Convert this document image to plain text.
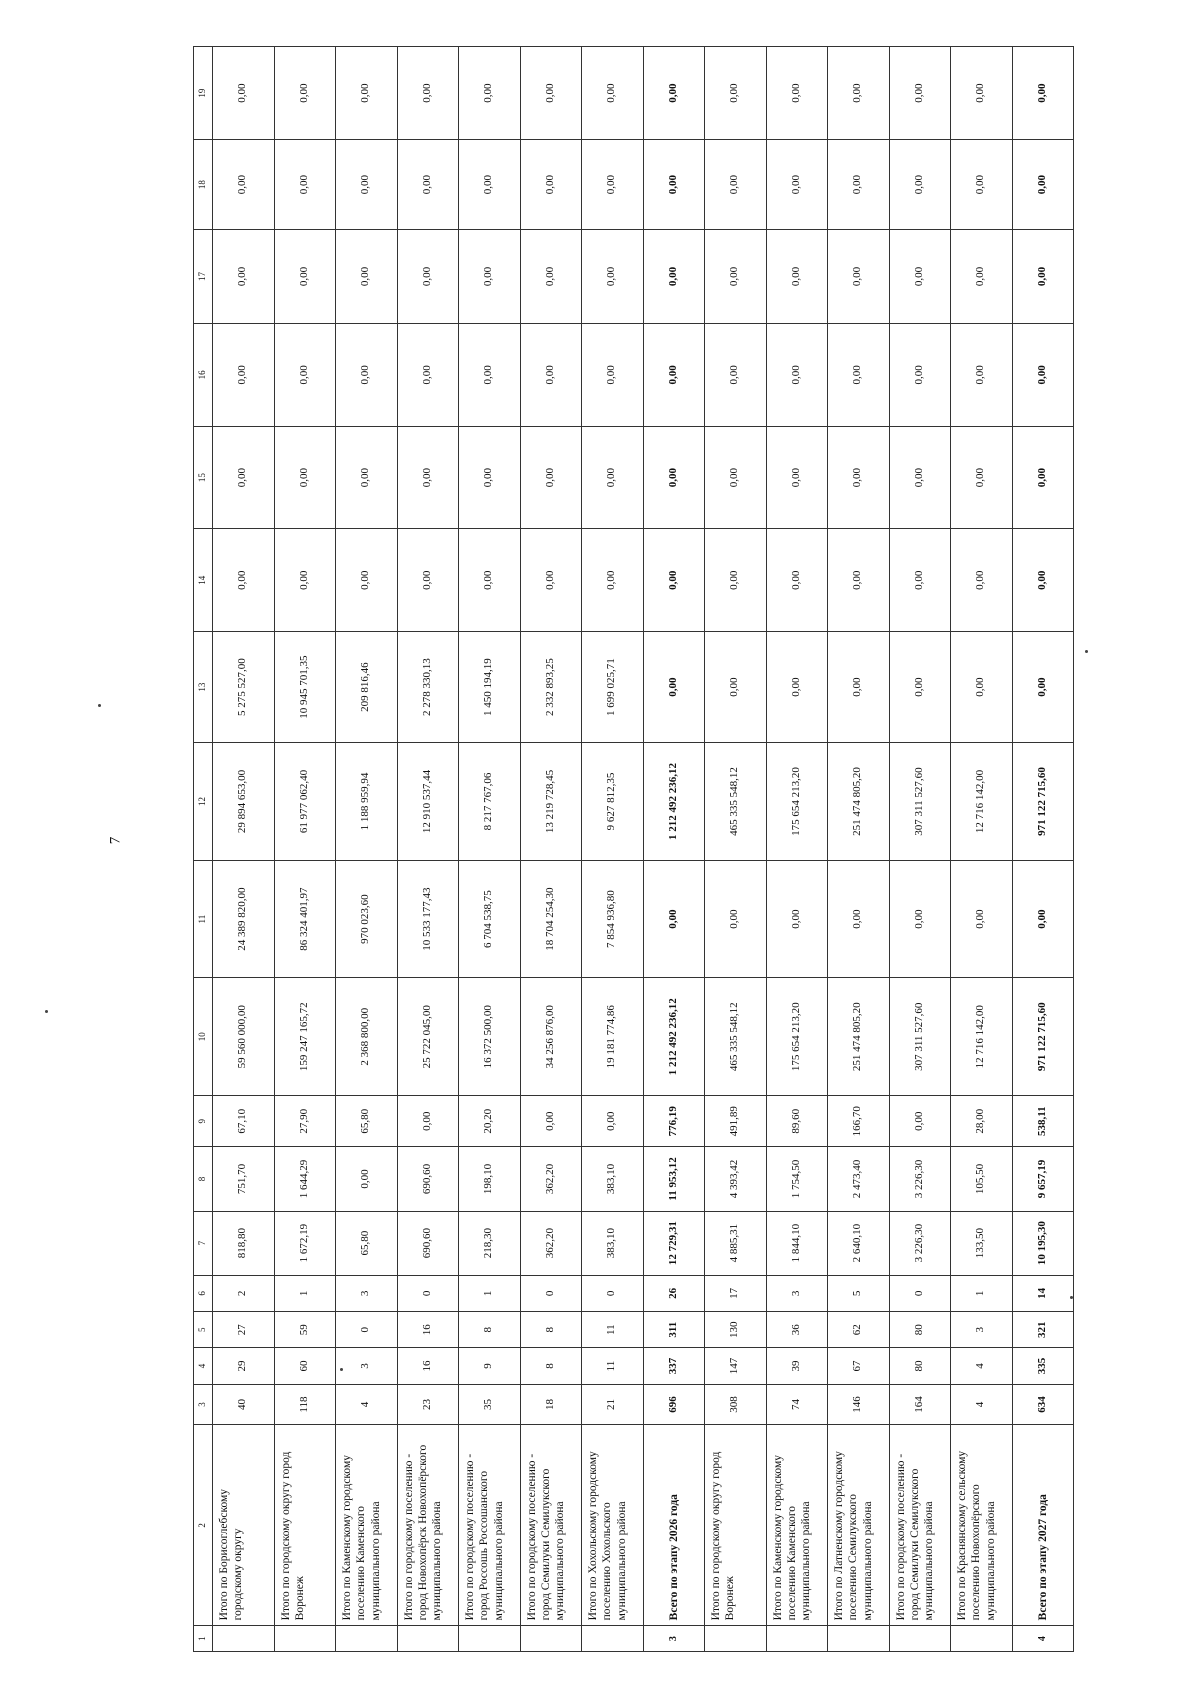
7
1	2	3	4	5	6	7	8	9	10	11	12	13	14	15	16	17	18	19
	Итого по Борисоглебскому городскому округу	40	29	27	2	818,80	751,70	67,10	59 560 000,00	24 389 820,00	29 894 653,00	5 275 527,00	0,00	0,00	0,00	0,00	0,00	0,00
	Итого по городскому округу город Воронеж	118	60	59	1	1 672,19	1 644,29	27,90	159 247 165,72	86 324 401,97	61 977 062,40	10 945 701,35	0,00	0,00	0,00	0,00	0,00	0,00
	Итого по Каменскому городскому поселению Каменского муниципального района	4	3	0	3	65,80	0,00	65,80	2 368 800,00	970 023,60	1 188 959,94	209 816,46	0,00	0,00	0,00	0,00	0,00	0,00
	Итого по городскому поселению - город Новохопёрск Новохопёрского муниципального района	23	16	16	0	690,60	690,60	0,00	25 722 045,00	10 533 177,43	12 910 537,44	2 278 330,13	0,00	0,00	0,00	0,00	0,00	0,00
	Итого по городскому поселению - город Россошь Россошанского муниципального района	35	9	8	1	218,30	198,10	20,20	16 372 500,00	6 704 538,75	8 217 767,06	1 450 194,19	0,00	0,00	0,00	0,00	0,00	0,00
	Итого по городскому поселению - город Семилуки Семилукского муниципального района	18	8	8	0	362,20	362,20	0,00	34 256 876,00	18 704 254,30	13 219 728,45	2 332 893,25	0,00	0,00	0,00	0,00	0,00	0,00
	Итого по Хохольскому городскому поселению Хохольского муниципального района	21	11	11	0	383,10	383,10	0,00	19 181 774,86	7 854 936,80	9 627 812,35	1 699 025,71	0,00	0,00	0,00	0,00	0,00	0,00
3	Всего по этапу 2026 года	696	337	311	26	12 729,31	11 953,12	776,19	1 212 492 236,12	0,00	1 212 492 236,12	0,00	0,00	0,00	0,00	0,00	0,00	0,00
	Итого по городскому округу город Воронеж	308	147	130	17	4 885,31	4 393,42	491,89	465 335 548,12	0,00	465 335 548,12	0,00	0,00	0,00	0,00	0,00	0,00	0,00
	Итого по Каменскому городскому поселению Каменского муниципального района	74	39	36	3	1 844,10	1 754,50	89,60	175 654 213,20	0,00	175 654 213,20	0,00	0,00	0,00	0,00	0,00	0,00	0,00
	Итого по Латненскому городскому поселению Семилукского муниципального района	146	67	62	5	2 640,10	2 473,40	166,70	251 474 805,20	0,00	251 474 805,20	0,00	0,00	0,00	0,00	0,00	0,00	0,00
	Итого по городскому поселению - город Семилуки Семилукского муниципального района	164	80	80	0	3 226,30	3 226,30	0,00	307 311 527,60	0,00	307 311 527,60	0,00	0,00	0,00	0,00	0,00	0,00	0,00
	Итого по Краснянскому сельскому поселению Новохопёрского муниципального района	4	4	3	1	133,50	105,50	28,00	12 716 142,00	0,00	12 716 142,00	0,00	0,00	0,00	0,00	0,00	0,00	0,00
4	Всего по этапу 2027 года	634	335	321	14	10 195,30	9 657,19	538,11	971 122 715,60	0,00	971 122 715,60	0,00	0,00	0,00	0,00	0,00	0,00	0,00
